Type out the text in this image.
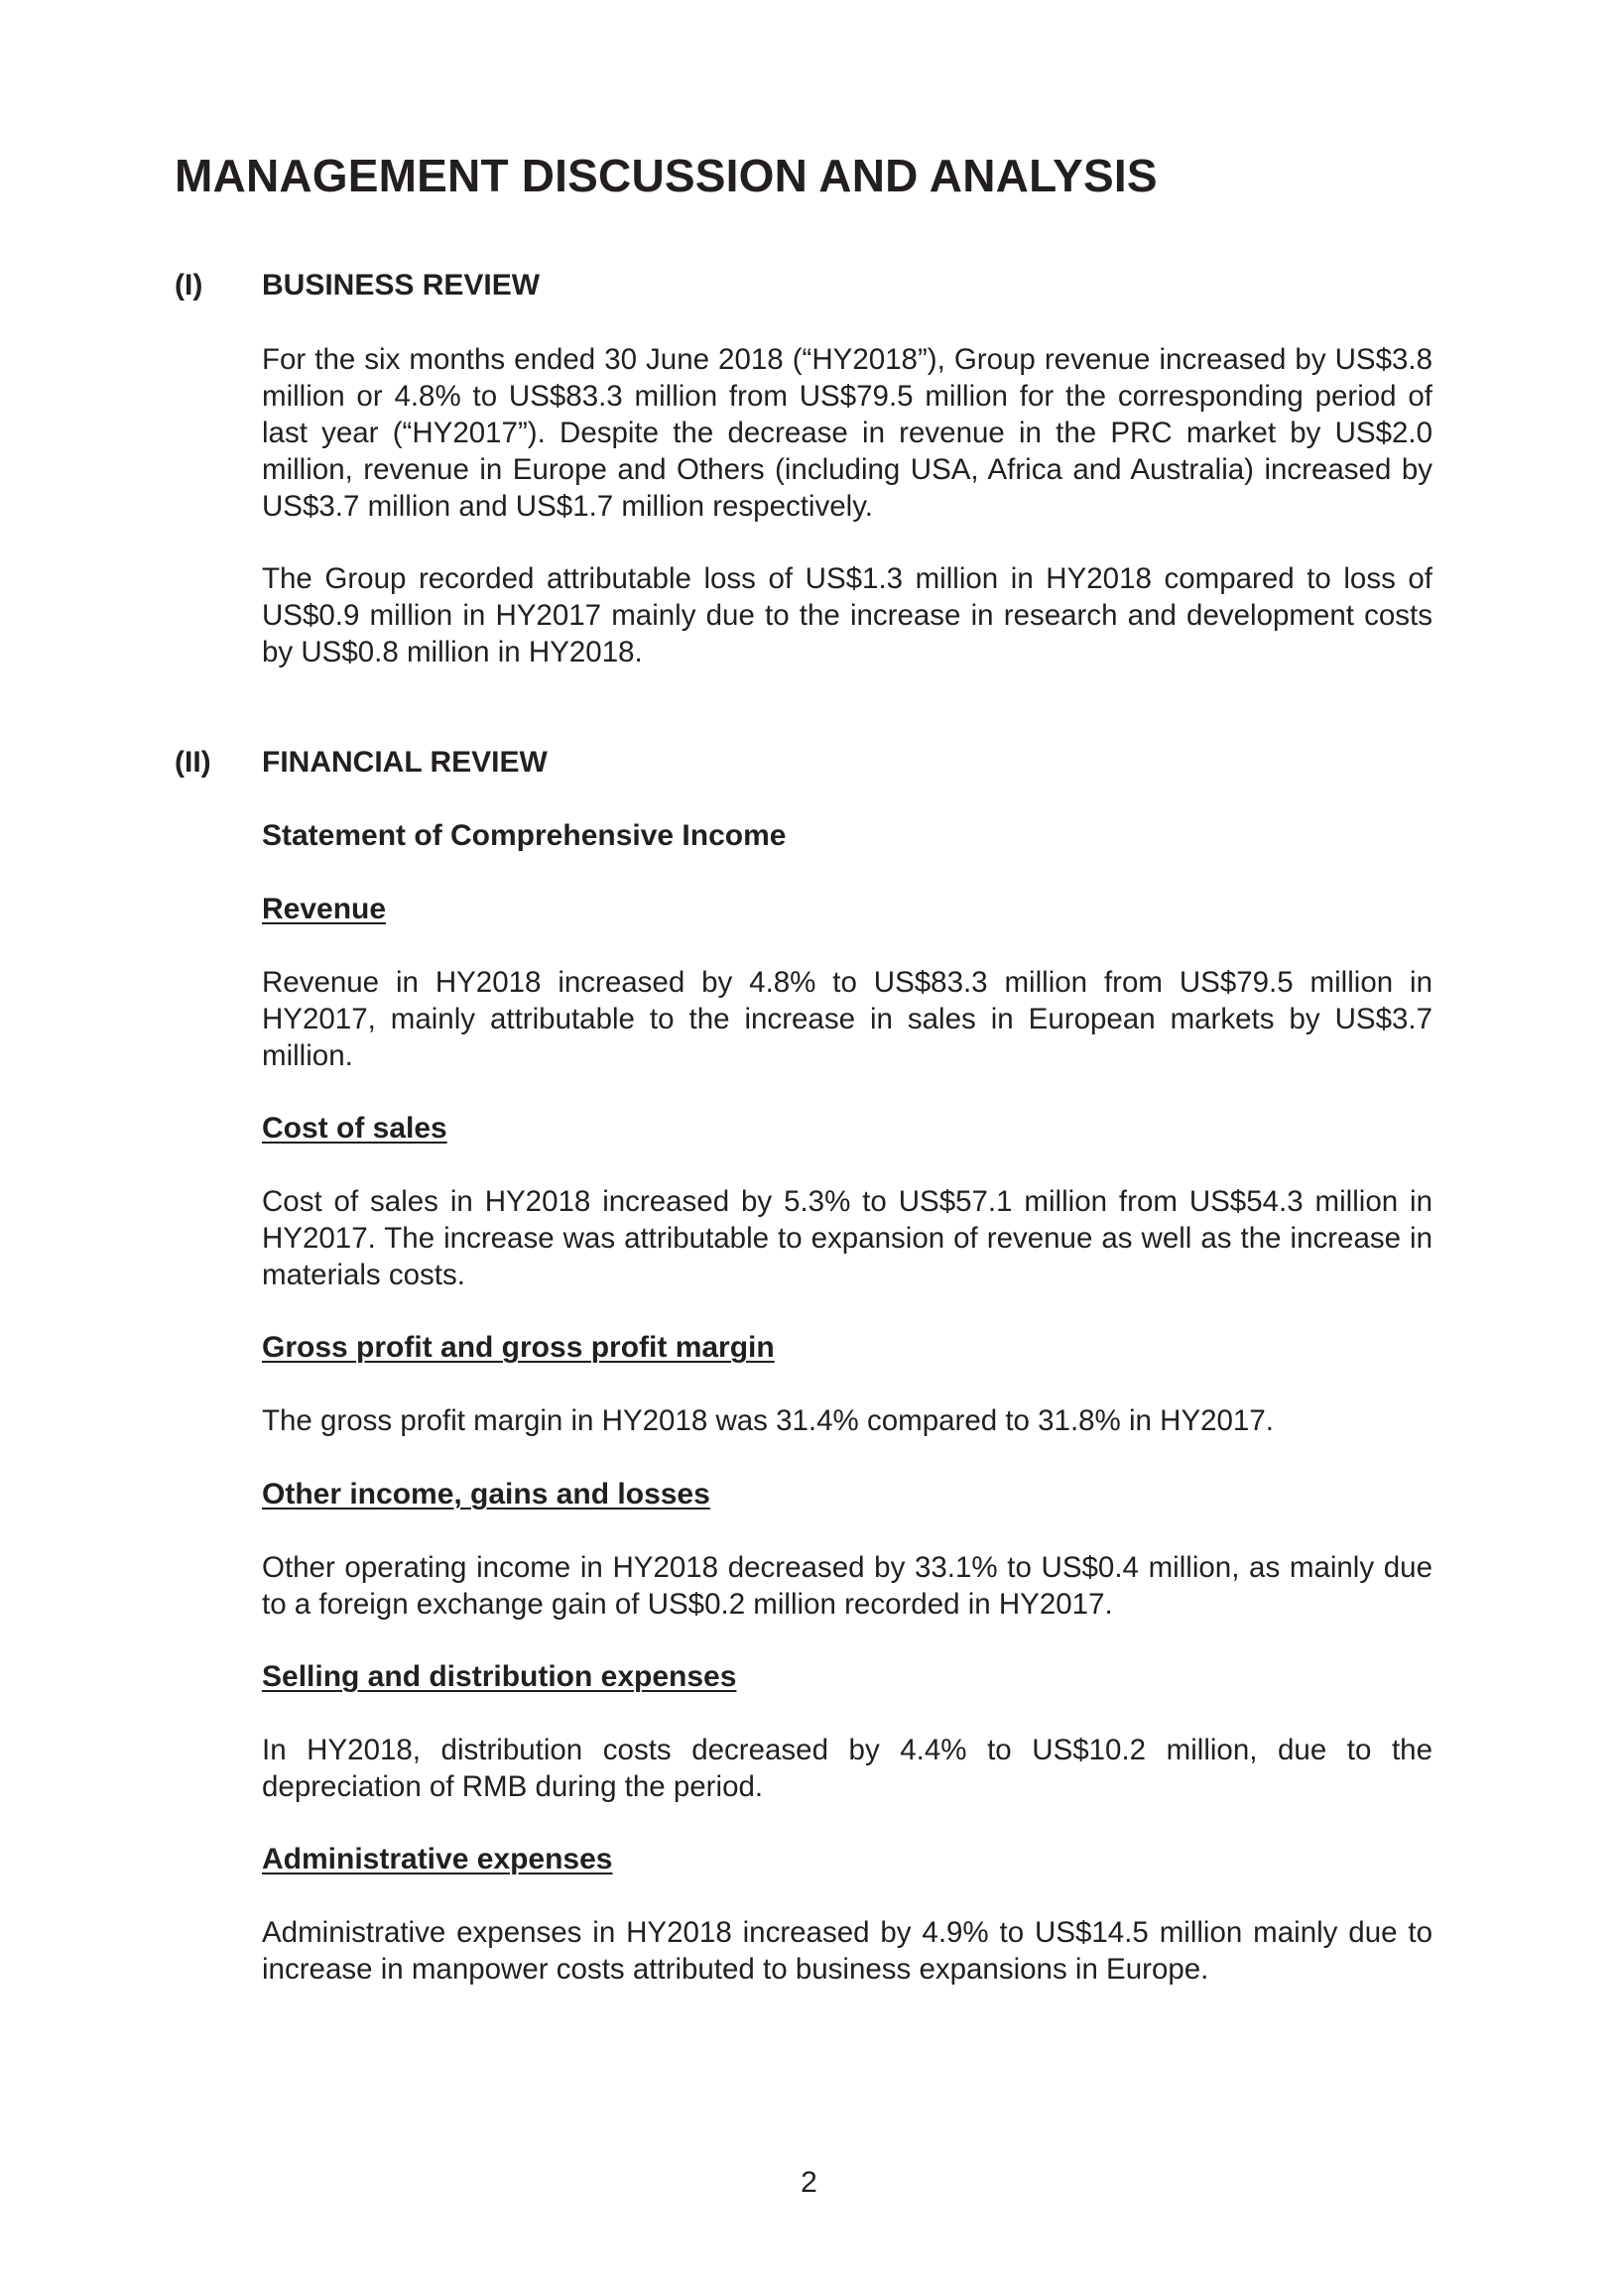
MANAGEMENT DISCUSSION AND ANALYSIS
(I) BUSINESS REVIEW

For the six months ended 30 June 2018 (“HY2018”), Group revenue increased by US$3.8 million or 4.8% to US$83.3 million from US$79.5 million for the corresponding period of last year (“HY2017”). Despite the decrease in revenue in the PRC market by US$2.0 million, revenue in Europe and Others (including USA, Africa and Australia) increased by US$3.7 million and US$1.7 million respectively.

The Group recorded attributable loss of US$1.3 million in HY2018 compared to loss of US$0.9 million in HY2017 mainly due to the increase in research and development costs by US$0.8 million in HY2018.

(II) FINANCIAL REVIEW
Statement of Comprehensive Income
Revenue

Revenue in HY2018 increased by 4.8% to US$83.3 million from US$79.5 million in HY2017, mainly attributable to the increase in sales in European markets by US$3.7 million.

Cost of sales

Cost of sales in HY2018 increased by 5.3% to US$57.1 million from US$54.3 million in HY2017. The increase was attributable to expansion of revenue as well as the increase in materials costs.

Gross profit and gross profit margin

The gross profit margin in HY2018 was 31.4% compared to 31.8% in HY2017.

Other income, gains and losses

Other operating income in HY2018 decreased by 33.1% to US$0.4 million, as mainly due to a foreign exchange gain of US$0.2 million recorded in HY2017.

Selling and distribution expenses

In HY2018, distribution costs decreased by 4.4% to US$10.2 million, due to the depreciation of RMB during the period.

Administrative expenses

Administrative expenses in HY2018 increased by 4.9% to US$14.5 million mainly due to increase in manpower costs attributed to business expansions in Europe.

2
